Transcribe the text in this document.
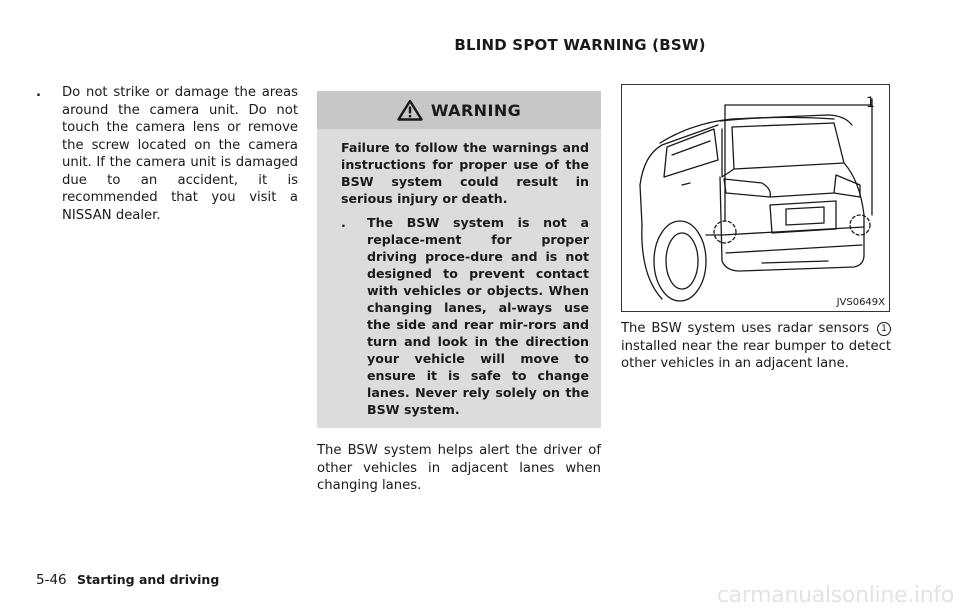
BLIND SPOT WARNING (BSW)
. Do not strike or damage the areas around the camera unit. Do not touch the camera lens or remove the screw located on the camera unit. If the camera unit is damaged due to an accident, it is recommended that you visit a NISSAN dealer.
WARNING

Failure to follow the warnings and instructions for proper use of the BSW system could result in serious injury or death.

. The BSW system is not a replace-ment for proper driving proce-dure and is not designed to prevent contact with vehicles or objects. When changing lanes, al-ways use the side and rear mir-rors and turn and look in the direction your vehicle will move to ensure it is safe to change lanes. Never rely solely on the BSW system.
The BSW system helps alert the driver of other vehicles in adjacent lanes when changing lanes.
1
JVS0649X
The BSW system uses radar sensors 1 installed near the rear bumper to detect other vehicles in an adjacent lane.
5-46 Starting and driving
carmanualsonline.info
